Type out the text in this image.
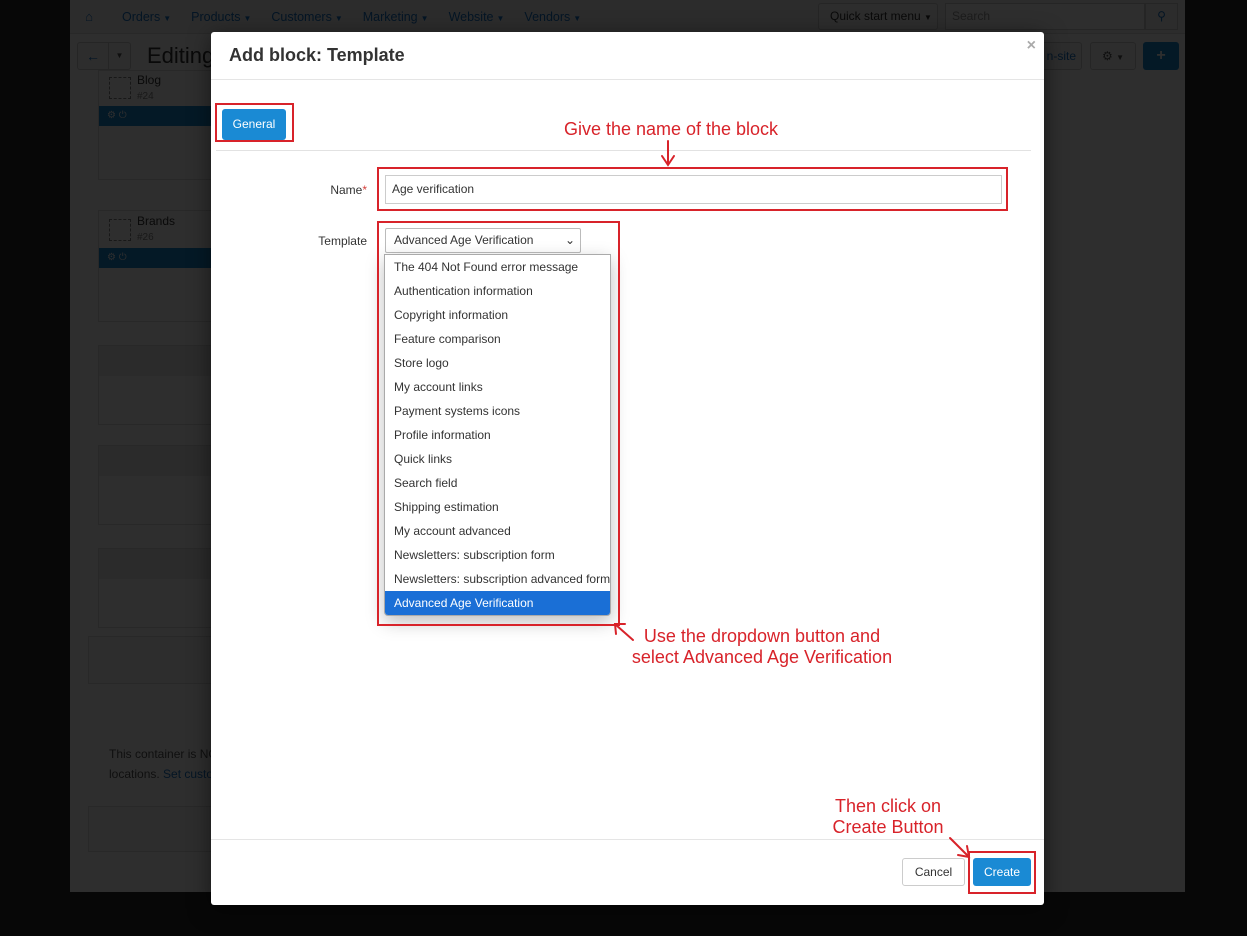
Add block: Template	×
General
Name*	Age verification
Template	Advanced Age Verification	⌄
The 404 Not Found error message
Authentication information
Copyright information
Feature comparison
Store logo
My account links
Payment systems icons
Profile information
Quick links
Search field
Shipping estimation
My account advanced
Newsletters: subscription form
Newsletters: subscription advanced form
Advanced Age Verification
Cancel	Create
Give the name of the block
Use the dropdown button and
select Advanced Age Verification
Then click on
Create Button
